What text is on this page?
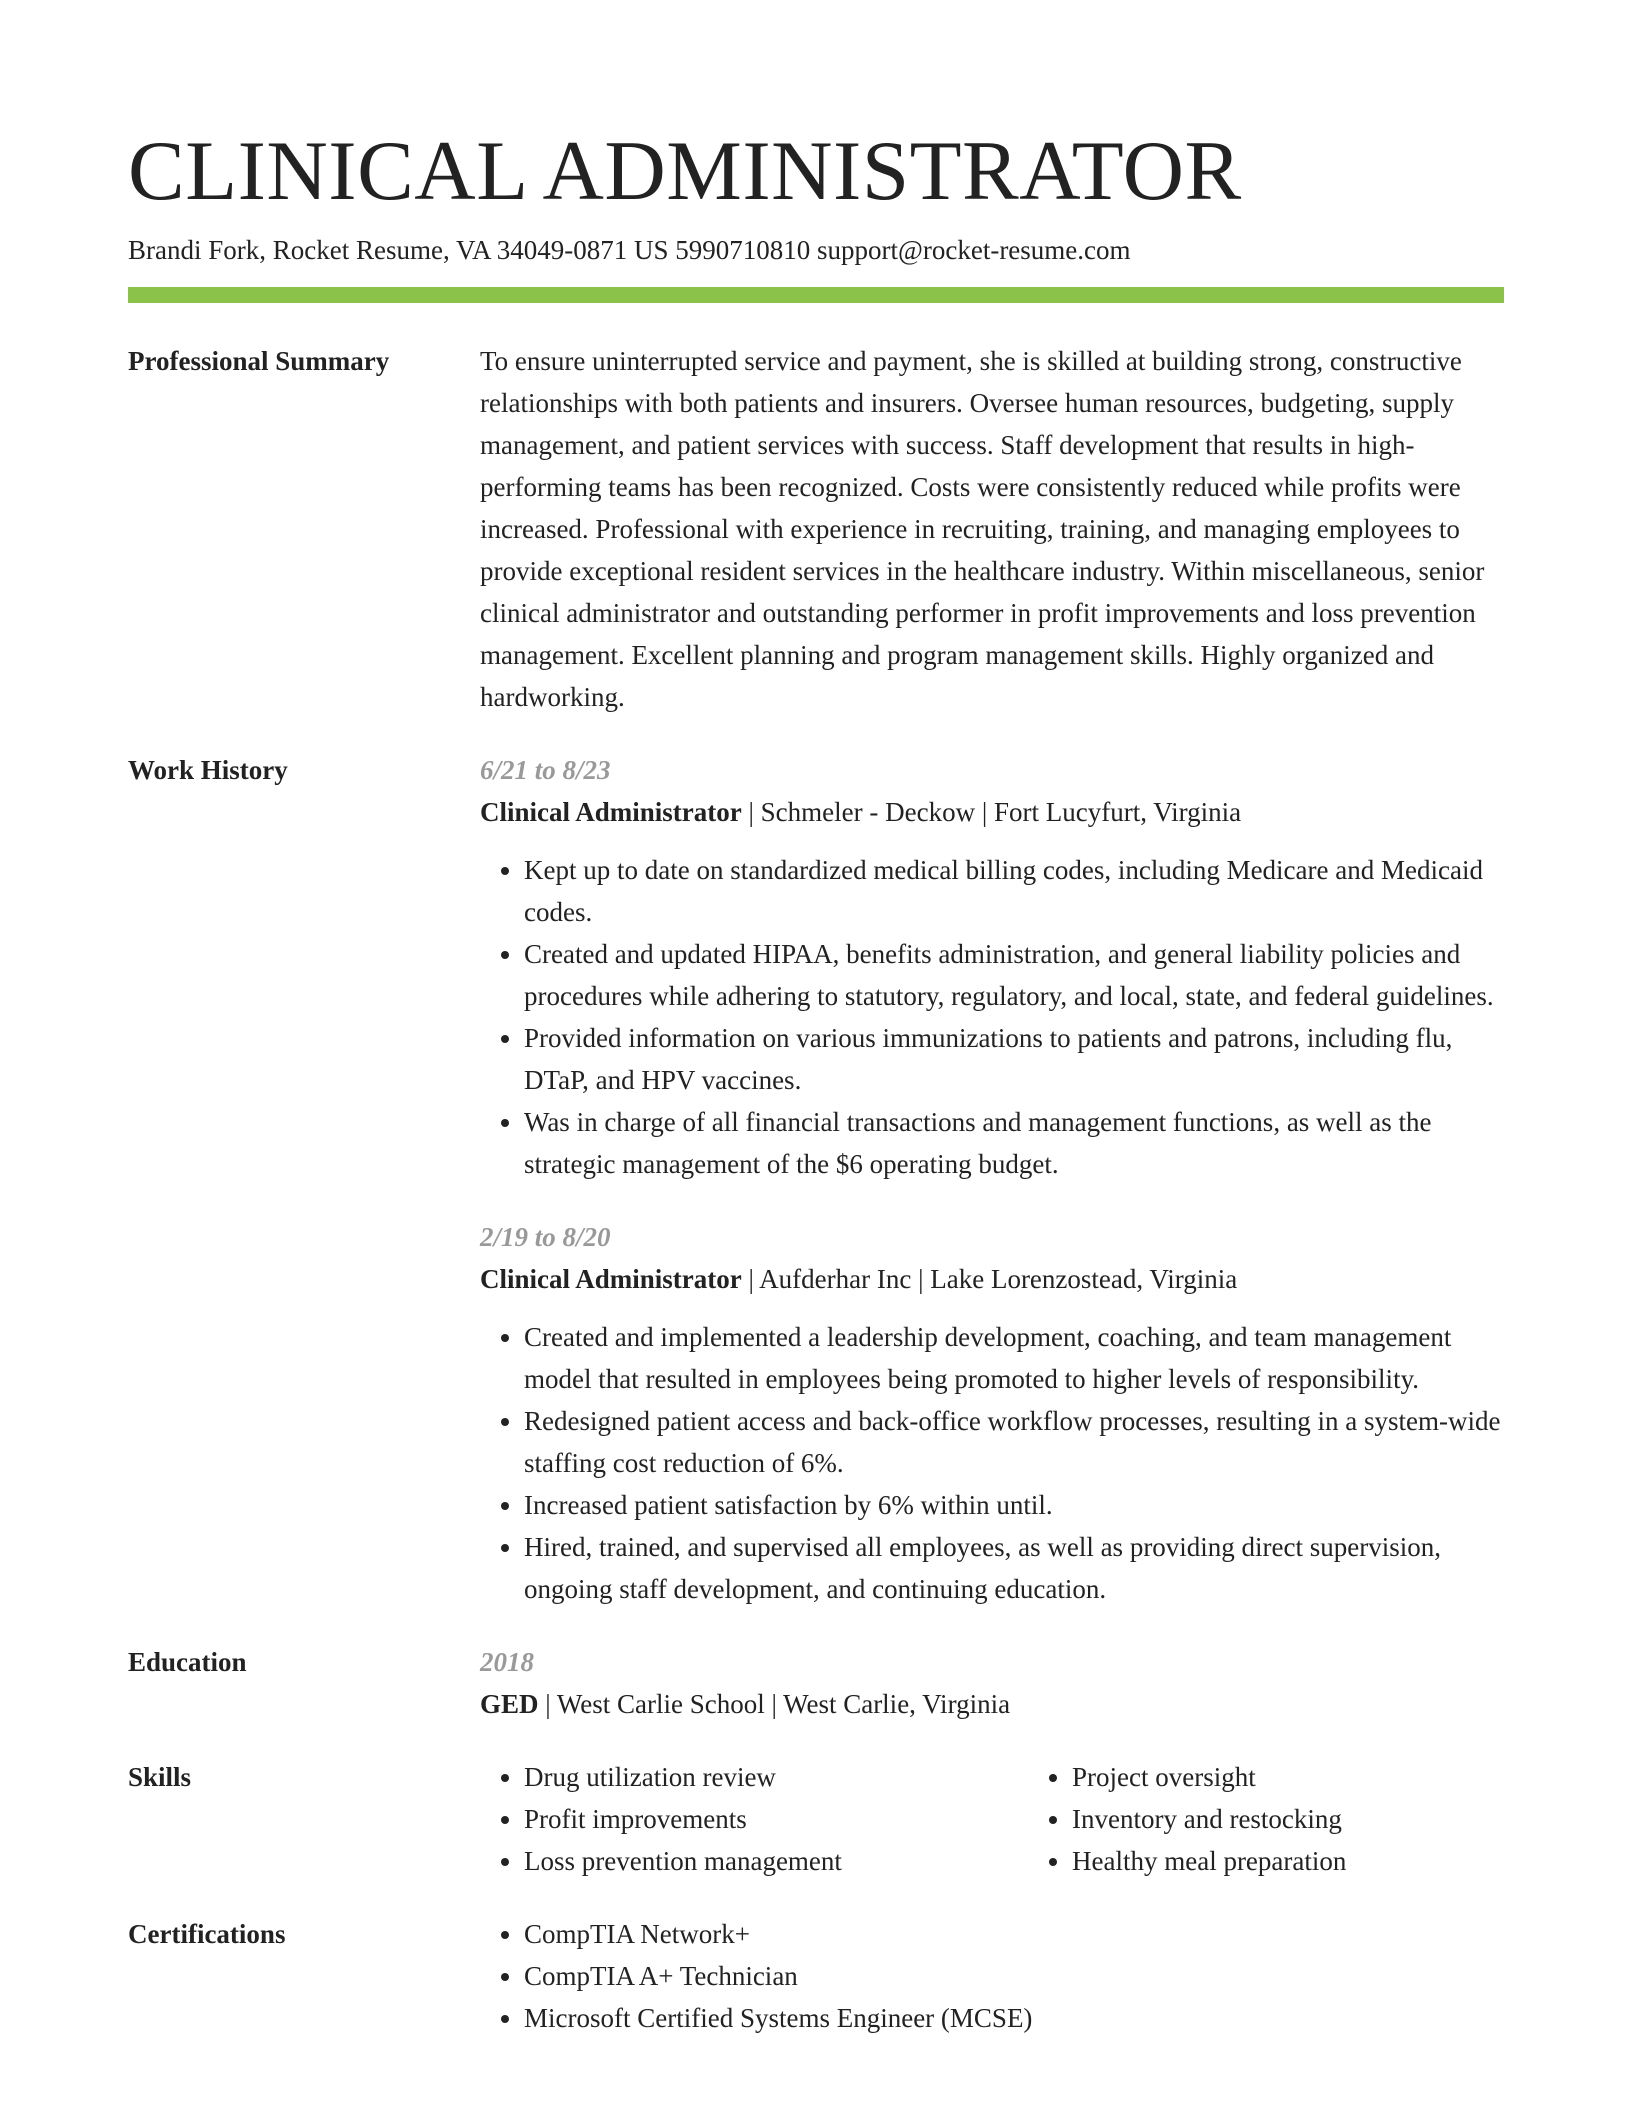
CLINICAL ADMINISTRATOR
Brandi Fork, Rocket Resume, VA 34049-0871 US 5990710810 support@rocket-resume.com
Professional Summary	To ensure uninterrupted service and payment, she is skilled at building strong, constructive relationships with both patients and insurers. Oversee human resources, budgeting, supply management, and patient services with success. Staff development that results in high-performing teams has been recognized. Costs were consistently reduced while profits were increased. Professional with experience in recruiting, training, and managing employees to provide exceptional resident services in the healthcare industry. Within miscellaneous, senior clinical administrator and outstanding performer in profit improvements and loss prevention management. Excellent planning and program management skills. Highly organized and hardworking.

Work History	6/21 to 8/23
Clinical Administrator | Schmeler - Deckow | Fort Lucyfurt, Virginia
• Kept up to date on standardized medical billing codes, including Medicare and Medicaid codes.
• Created and updated HIPAA, benefits administration, and general liability policies and procedures while adhering to statutory, regulatory, and local, state, and federal guidelines.
• Provided information on various immunizations to patients and patrons, including flu, DTaP, and HPV vaccines.
• Was in charge of all financial transactions and management functions, as well as the strategic management of the $6 operating budget.
2/19 to 8/20
Clinical Administrator | Aufderhar Inc | Lake Lorenzostead, Virginia
• Created and implemented a leadership development, coaching, and team management model that resulted in employees being promoted to higher levels of responsibility.
• Redesigned patient access and back-office workflow processes, resulting in a system-wide staffing cost reduction of 6%.
• Increased patient satisfaction by 6% within until.
• Hired, trained, and supervised all employees, as well as providing direct supervision, ongoing staff development, and continuing education.
Education	2018
GED | West Carlie School | West Carlie, Virginia
Skills	• Drug utilization review
• Profit improvements
• Loss prevention management
• Project oversight
• Inventory and restocking
• Healthy meal preparation
Certifications	• CompTIA Network+
• CompTIA A+ Technician
• Microsoft Certified Systems Engineer (MCSE)
